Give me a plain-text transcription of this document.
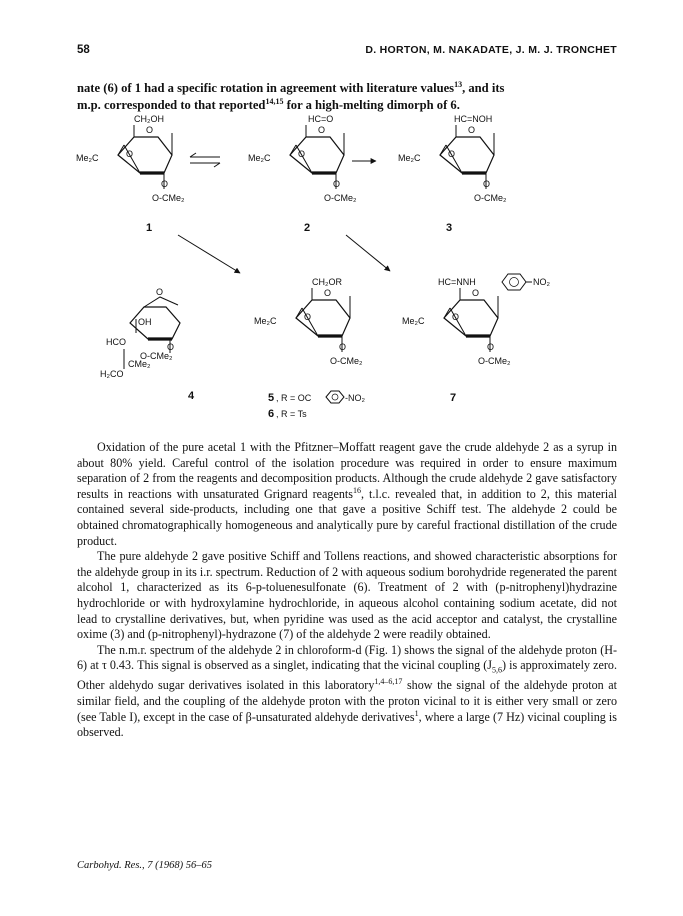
58	D. HORTON, M. NAKADATE, J. M. J. TRONCHET
nate (6) of 1 had a specific rotation in agreement with literature values$^{13}$, and its
m.p. corresponded to that reported$^{14,15}$ for a high-melting dimorph of 6.
CH₂OH
O
Me₂C	O
O
O-CMe₂
1
HC=O
O
Me₂C	O
O
O-CMe₂
2
HC=NOH
O
Me₂C	O
O
O-CMe₂
3
O
OH
O
HCO
O-CMe₂
CMe₂
H₂CO
4
CH₂OR
O
Me₂C	O
O
O-CMe₂
5 , R = OC	-NO₂
6 , R = Ts
HC=NNH	NO₂
O
Me₂C	O
O
O-CMe₂
7

Oxidation of the pure acetal 1 with the Pfitzner–Moffatt reagent gave the crude aldehyde 2 as a syrup in about 80% yield. Careful control of the isolation procedure was required in order to ensure maximum separation of 2 from the reagents and decomposition products. Although the crude aldehyde 2 gave satisfactory results in reactions with unsaturated Grignard reagents$^{16}$, t.l.c. revealed that, in addition to 2, this material contained several side-products, including one that gave a positive Schiff test. The aldehyde 2 could be obtained chromatographically homogeneous and analytically pure by careful fractional distillation of the crude product.

The pure aldehyde 2 gave positive Schiff and Tollens reactions, and showed characteristic absorptions for the aldehyde group in its i.r. spectrum. Reduction of 2 with aqueous sodium borohydride regenerated the parent alcohol 1, characterized as its 6-p-toluenesulfonate (6). Treatment of 2 with (p-nitrophenyl)hydrazine hydrochloride or with hydroxylamine hydrochloride, in aqueous alcohol containing sodium acetate, did not lead to crystalline derivatives, but, when pyridine was used as the acid acceptor and catalyst, the crystalline oxime (3) and (p-nitrophenyl)-hydrazone (7) of the aldehyde 2 were readily obtained.

The n.m.r. spectrum of the aldehyde 2 in chloroform-d (Fig. 1) shows the signal of the aldehyde proton (H-6) at τ 0.43. This signal is observed as a singlet, indicating that the vicinal coupling $(J_{5,6})$ is approximately zero. Other aldehydo sugar derivatives isolated in this laboratory$^{1,4-6,17}$ show the signal of the aldehyde proton at similar field, and the coupling of the aldehyde proton with the proton vicinal to it is either very small or zero (see Table I), except in the case of β-unsaturated aldehyde derivatives$^1$, where a large (7 Hz) vicinal coupling is observed.

Carbohyd. Res., 7 (1968) 56–65
